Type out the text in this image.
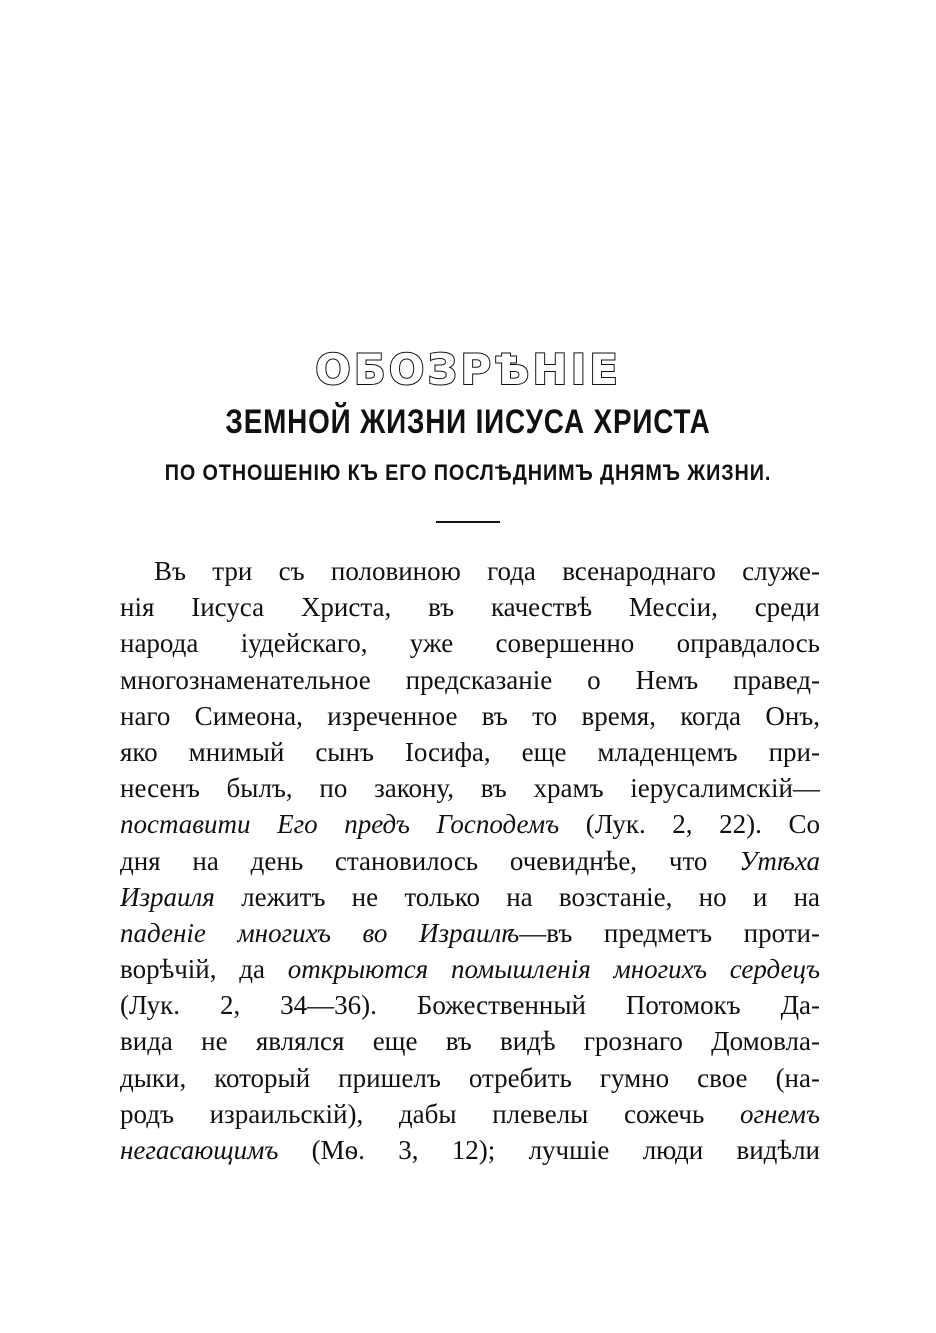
ОБОЗРѢНІЕ
ЗЕМНОЙ ЖИЗНИ ІИСУСА ХРИСТА
ПО ОТНОШЕНІЮ КЪ ЕГО ПОСЛѢДНИМЪ ДНЯМЪ ЖИЗНИ.
Въ три съ половиною года всенароднаго служе-
нія Іисуса Христа, въ качествѣ Мессіи, среди
народа іудейскаго, уже совершенно оправдалось
многознаменательное предсказаніе о Немъ правед-
наго Симеона, изреченное въ то время, когда Онъ,
яко мнимый сынъ Іосифа, еще младенцемъ при-
несенъ былъ, по закону, въ храмъ іерусалимскій—
поставити Его предъ Господемъ (Лук. 2, 22). Со
дня на день становилось очевиднѣе, что Утѣха
Израиля лежитъ не только на возстаніе, но и на
паденіе многихъ во Израилѣ—въ предметъ проти-
ворѣчій, да открыются помышленія многихъ сердецъ
(Лук. 2, 34—36). Божественный Потомокъ Да-
вида не являлся еще въ видѣ грознаго Домовла-
дыки, который пришелъ отребить гумно свое (на-
родъ израильскій), дабы плевелы сожечь огнемъ
негасающимъ (Мѳ. 3, 12); лучшіе люди видѣли
